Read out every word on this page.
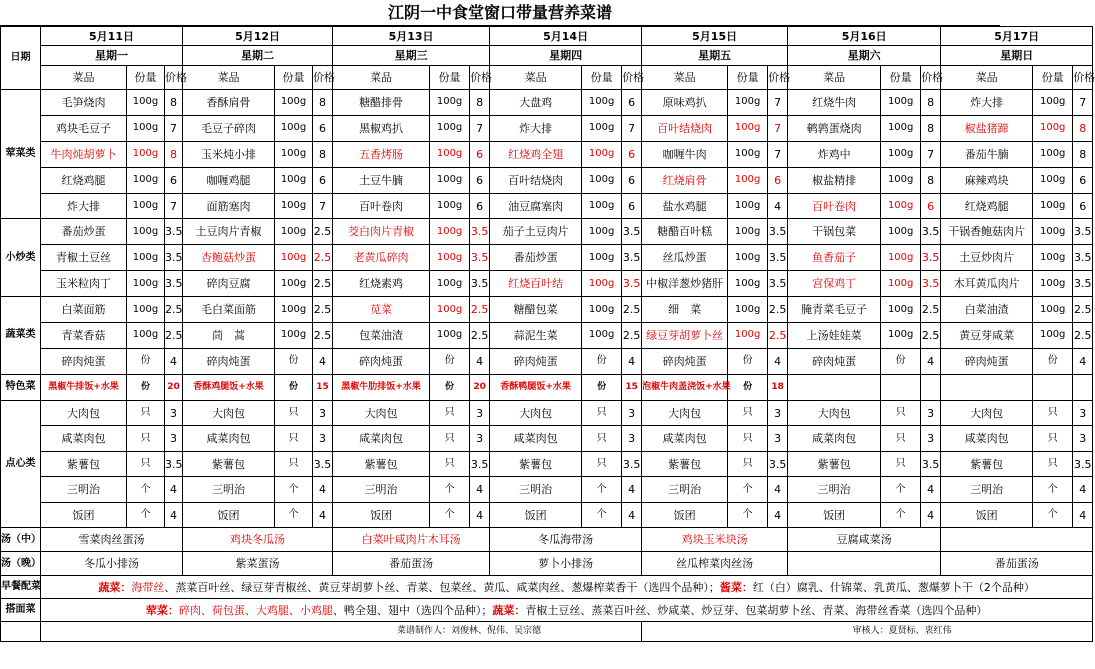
江阴一中食堂窗口带量营养菜谱
日期	5月11日			5月12日			5月13日			5月14日			5月15日			5月16日			5月17日		
	星期一			星期二			星期三			星期四			星期五			星期六			星期日		
	菜品	份量	价格	菜品	份量	价格	菜品	份量	价格	菜品	份量	价格	菜品	份量	价格	菜品	份量	价格	菜品	份量	价格
荤菜类	毛笋烧肉	100g	8	香酥肩骨	100g	8	糖醋排骨	100g	8	大盘鸡	100g	6	原味鸡扒	100g	7	红烧牛肉	100g	8	炸大排	100g	7
	鸡块毛豆子	100g	7	毛豆子碎肉	100g	6	黑椒鸡扒	100g	7	炸大排	100g	7	百叶结烧肉	100g	7	鹌鹑蛋烧肉	100g	8	椒盐猪蹄	100g	8
	牛肉炖胡萝卜	100g	8	玉米炖小排	100g	8	五香烤肠	100g	6	红烧鸡全翅	100g	6	咖喱牛肉	100g	7	炸鸡中	100g	7	番茄牛腩	100g	8
	红烧鸡腿	100g	6	咖喱鸡腿	100g	6	土豆牛腩	100g	6	百叶结烧肉	100g	6	红烧肩骨	100g	6	椒盐精排	100g	8	麻辣鸡块	100g	6
	炸大排	100g	7	面筋塞肉	100g	7	百叶卷肉	100g	6	油豆腐塞肉	100g	6	盐水鸡腿	100g	4	百叶卷肉	100g	6	红烧鸡腿	100g	6
小炒类	番茄炒蛋	100g	3.5	土豆肉片青椒	100g	2.5	茭白肉片青椒	100g	3.5	茄子土豆肉片	100g	3.5	糖醋百叶糕	100g	3.5	干锅包菜	100g	3.5	干锅香鲍菇肉片	100g	3.5
	青椒土豆丝	100g	3.5	杏鲍菇炒蛋	100g	2.5	老黄瓜碎肉	100g	3.5	番茄炒蛋	100g	3.5	丝瓜炒蛋	100g	3.5	鱼香茄子	100g	3.5	土豆炒肉片	100g	3.5
	玉米粒肉丁	100g	3.5	碎肉豆腐	100g	2.5	红烧素鸡	100g	3.5	红烧百叶结	100g	3.5	中椒洋葱炒猪肝	100g	3.5	宫保鸡丁	100g	3.5	木耳黄瓜肉片	100g	3.5
蔬菜类	白菜面筋	100g	2.5	毛白菜面筋	100g	2.5	苋菜	100g	2.5	糖醋包菜	100g	2.5	细　菜	100g	2.5	腌青菜毛豆子	100g	2.5	白菜油渣	100g	2.5
	青菜香菇	100g	2.5	茼　蒿	100g	2.5	包菜油渣	100g	2.5	蒜泥生菜	100g	2.5	绿豆芽胡萝卜丝	100g	2.5	上汤娃娃菜	100g	2.5	黄豆芽咸菜	100g	2.5
	碎肉炖蛋	份	4	碎肉炖蛋	份	4	碎肉炖蛋	份	4	碎肉炖蛋	份	4	碎肉炖蛋	份	4	碎肉炖蛋	份	4	碎肉炖蛋	份	4
特色菜	黑椒牛排饭+水果	份	20	香酥鸡腿饭+水果	份	15	黑椒牛肋排饭+水果	份	20	香酥鸭腿饭+水果	份	15	泡椒牛肉盖浇饭+水果	份	18						
点心类	大肉包	只	3	大肉包	只	3	大肉包	只	3	大肉包	只	3	大肉包	只	3	大肉包	只	3	大肉包	只	3
	咸菜肉包	只	3	咸菜肉包	只	3	咸菜肉包	只	3	咸菜肉包	只	3	咸菜肉包	只	3	咸菜肉包	只	3	咸菜肉包	只	3
	紫薯包	只	3.5	紫薯包	只	3.5	紫薯包	只	3.5	紫薯包	只	3.5	紫薯包	只	3.5	紫薯包	只	3.5	紫薯包	只	3.5
	三明治	个	4	三明治	个	4	三明治	个	4	三明治	个	4	三明治	个	4	三明治	个	4	三明治	个	4
	饭团	个	4	饭团	个	4	饭团	个	4	饭团	个	4	饭团	个	4	饭团	个	4	饭团	个	4
汤（中）	雪菜肉丝蛋汤			鸡块冬瓜汤			白菜叶咸肉片木耳汤			冬瓜海带汤			鸡块玉米块汤			豆腐咸菜汤					
汤（晚）	冬瓜小排汤			紫菜蛋汤			番茄蛋汤			萝卜小排汤			丝瓜榨菜肉丝汤						番茄蛋汤		
早餐配菜	蔬菜：海带丝、蒸菜百叶丝、绿豆芽青椒丝、黄豆芽胡萝卜丝、青菜、包菜丝、黄瓜、咸菜肉丝、葱爆榨菜香干（选四个品种）；酱菜：红（白）腐乳、什锦菜、乳黄瓜、葱爆萝卜干（2个品种）																				
搭面菜	荤菜：碎肉、荷包蛋、大鸡腿、小鸡腿、鸭全翅、翅中（选四个品种）；蔬菜：青椒土豆丝、蒸菜百叶丝、炒咸菜、炒豆芽、包菜胡萝卜丝、青菜、海带丝香菜（选四个品种）																				
	菜谱制作人：刘俊林、倪伟、吴宗德												审核人：夏贤标、衷红伟								
